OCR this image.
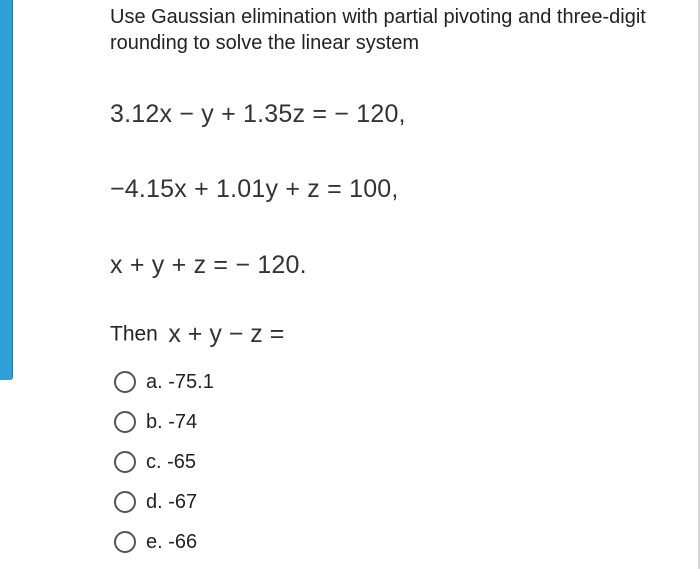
Use Gaussian elimination with partial pivoting and three-digit rounding to solve the linear system
3.12x − y + 1.35z = − 120,
−4.15x + 1.01y + z = 100,
x + y + z = − 120.
Then x + y − z =
a. -75.1
b. -74
c. -65
d. -67
e. -66
